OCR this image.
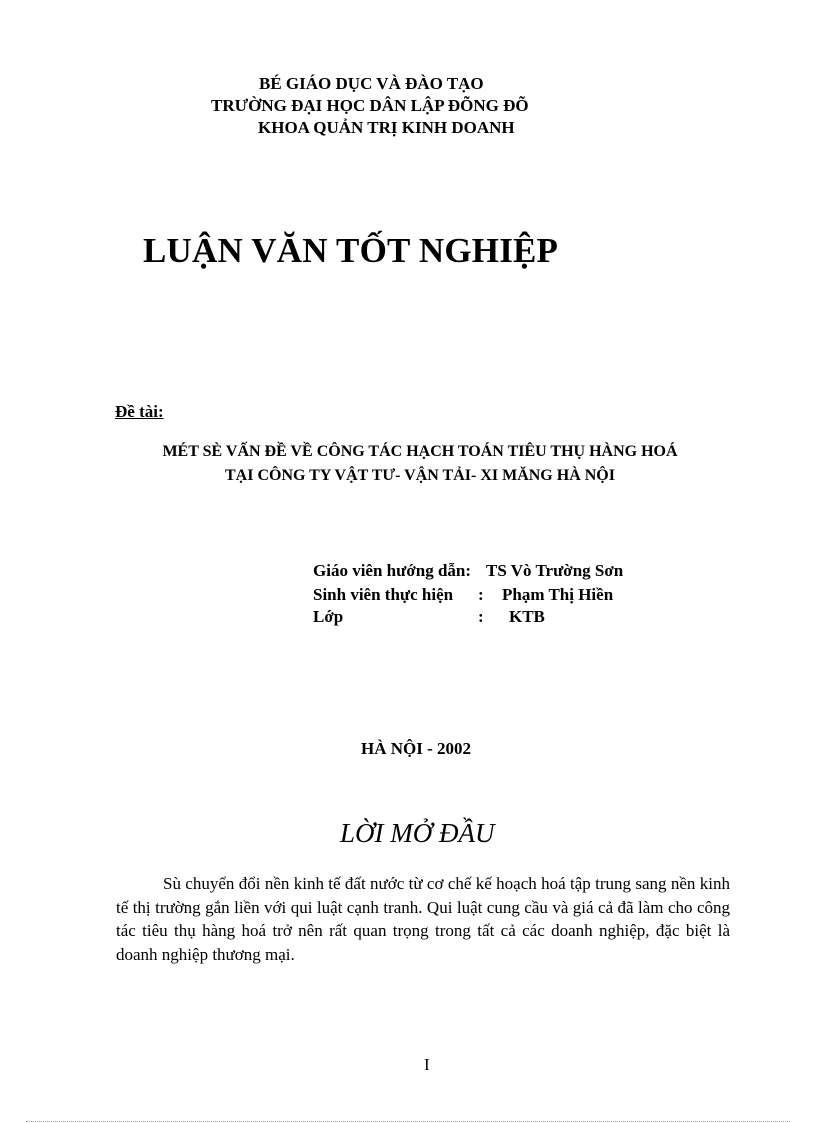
BÉ GIÁO DỤC VÀ ĐÀO TẠO
TRƯỜNG ĐẠI HỌC DÂN LẬP ĐÕNG ĐÕ
KHOA QUẢN TRỊ KINH DOANH
LUẬN VĂN TỐT NGHIỆP
Đề tài:
MÉT SÈ VẤN ĐỀ VỀ CÔNG TÁC HẠCH TOÁN TIÊU THỤ HÀNG HOÁ
TẠI CÔNG TY VẬT TƯ- VẬN TẢI- XI MĂNG HÀ NỘI
Giáo viên hướng dẫn: TS Vò Trường Sơn
Sinh viên thực hiện : Phạm Thị Hiền
Lớp	: KTB
HÀ NỘI - 2002
LỜI MỞ ĐẦU

Sù chuyển đổi nền kinh tế đất nước từ cơ chế kế hoạch hoá tập trung sang nền kinh tế thị trường gắn liền với qui luật cạnh tranh. Qui luật cung cầu và giá cả đã làm cho công tác tiêu thụ hàng hoá trở nên rất quan trọng trong tất cả các doanh nghiệp, đặc biệt là doanh nghiệp thương mại.

I
